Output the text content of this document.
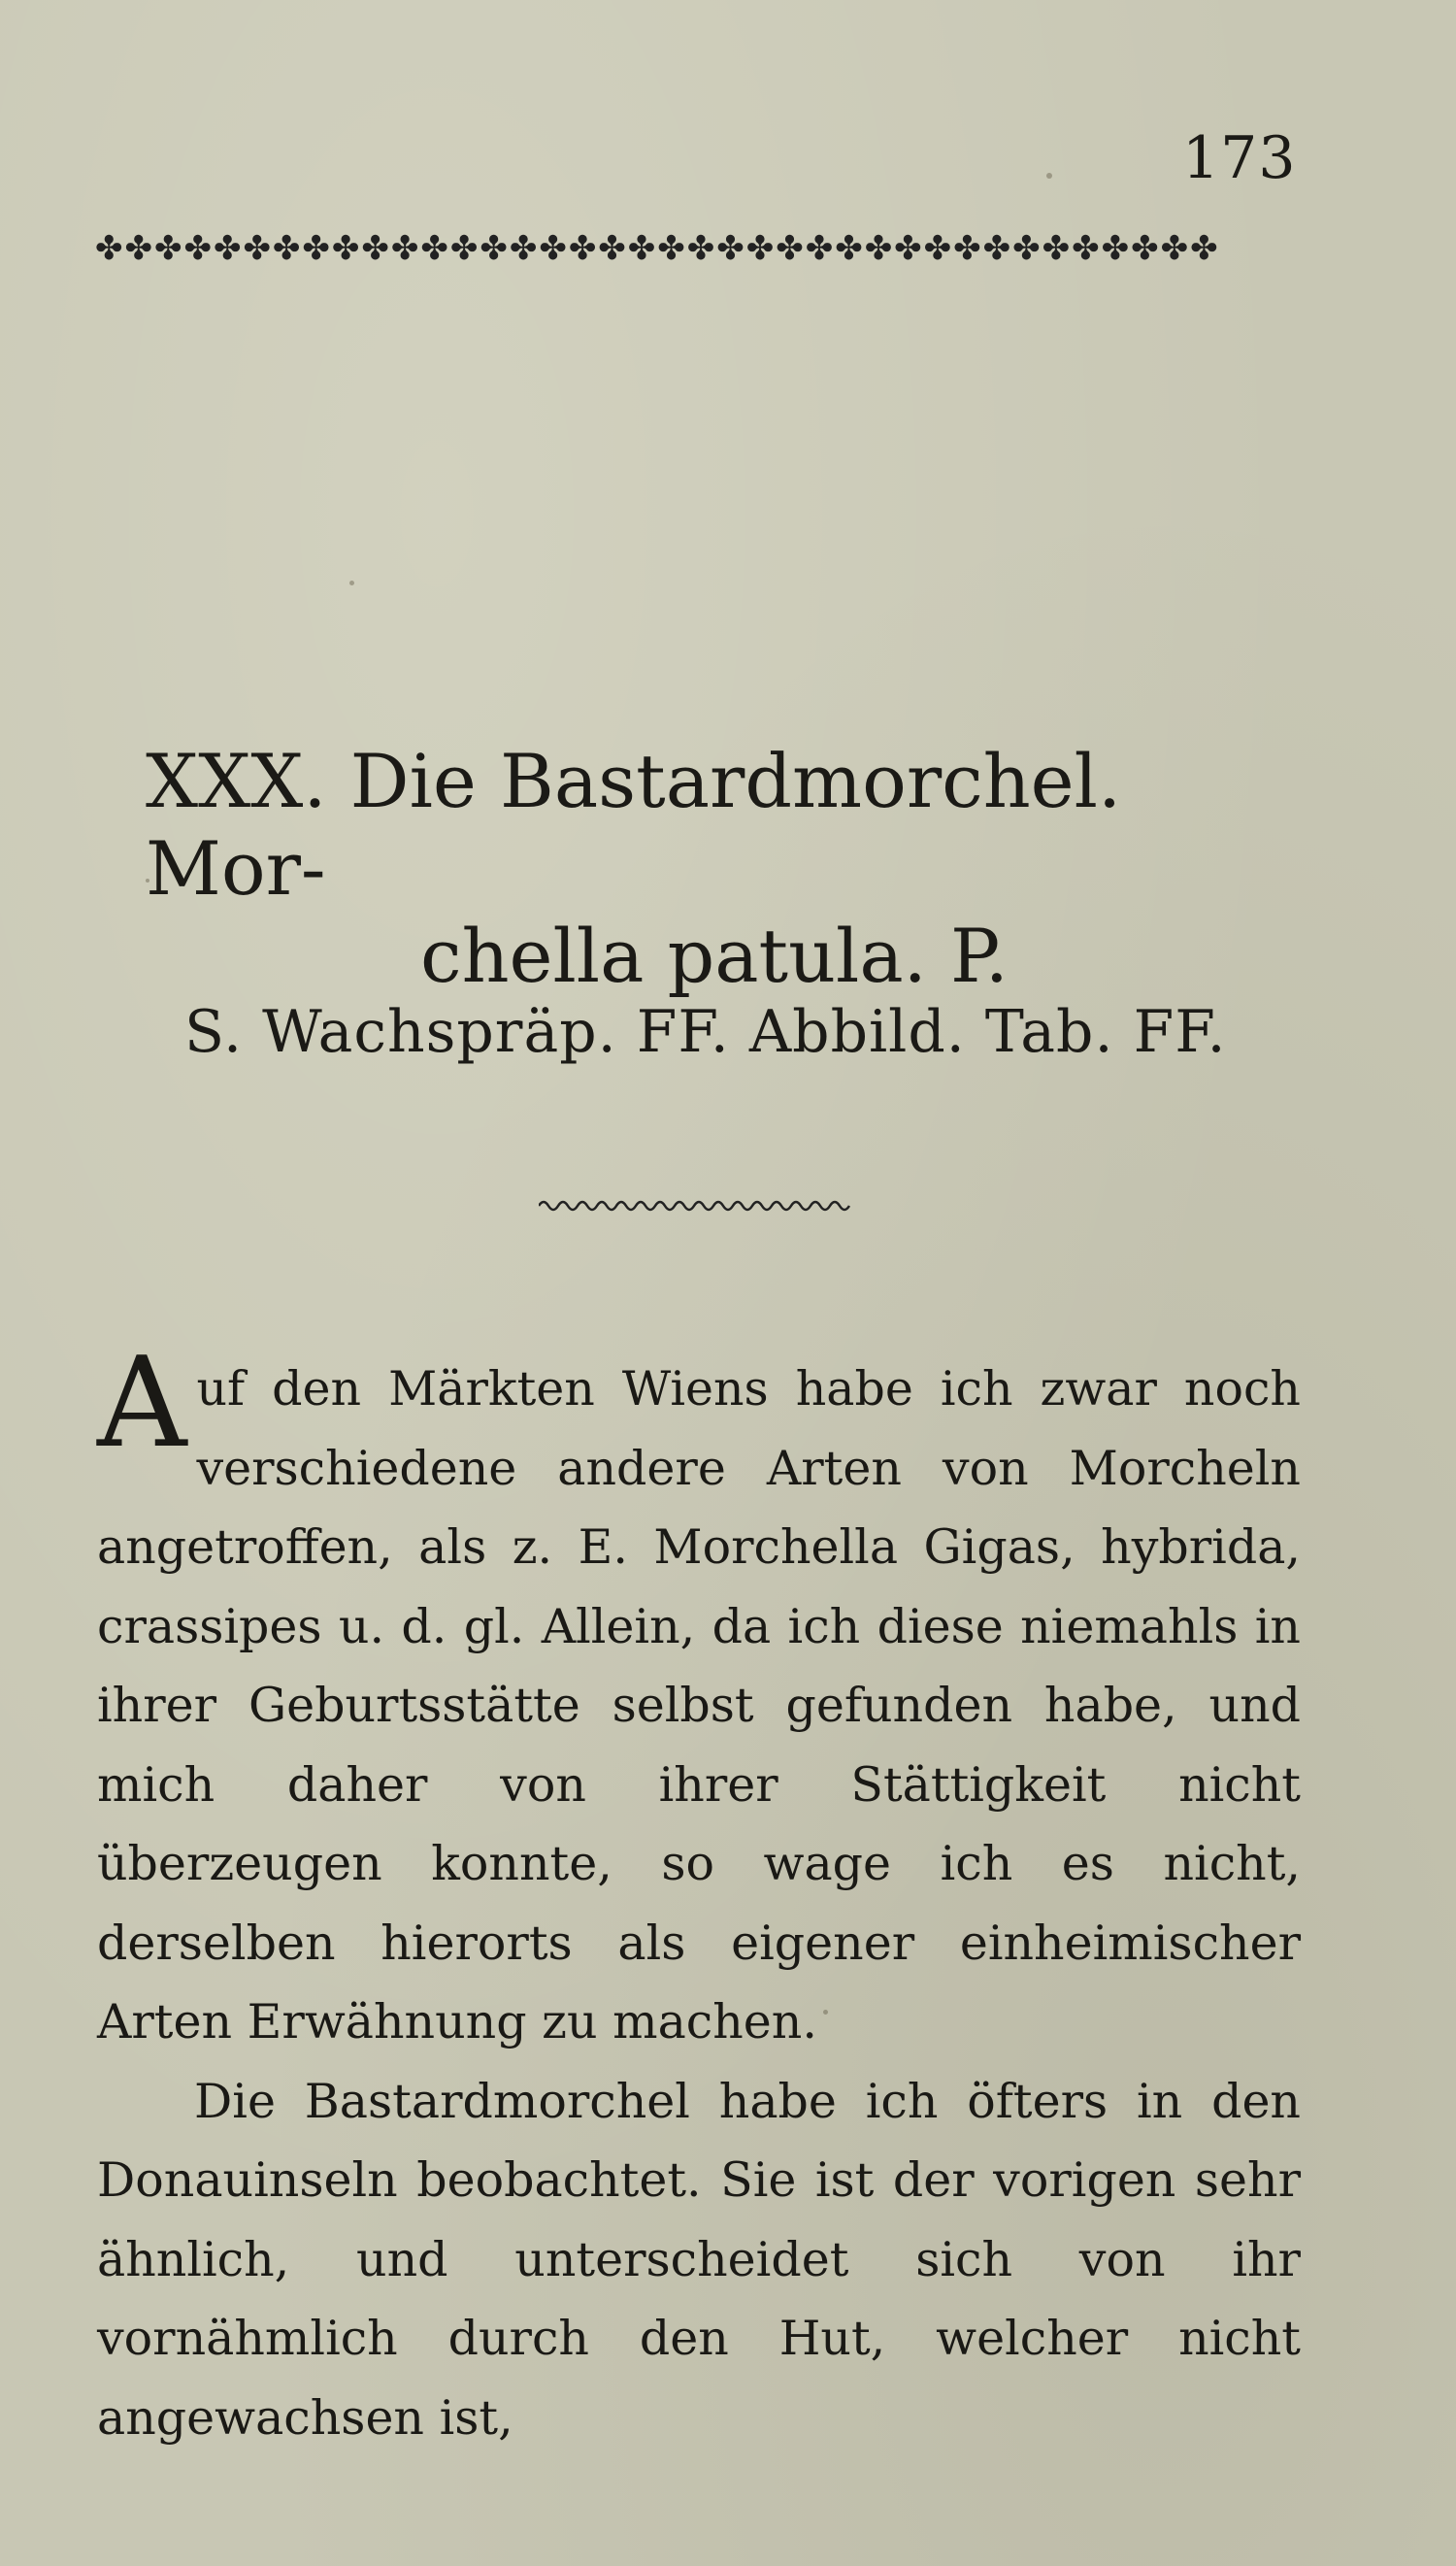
173
✤✤✤✤✤✤✤✤✤✤✤✤✤✤✤✤✤✤✤✤✤✤✤✤✤✤✤✤✤✤✤✤✤✤✤✤✤✤
XXX. Die Bastardmorchel. Mor-
chella patula. P.
S. Wachspräp. FF. Abbild. Tab. FF.

Auf den Märkten Wiens habe ich zwar noch verschiedene andere Arten von Morcheln angetroffen, als z. E. Morchella Gigas, hybrida, crassipes u. d. gl. Allein, da ich diese niemahls in ihrer Geburtsstätte selbst gefunden habe, und mich daher von ihrer Stättigkeit nicht überzeugen konnte, so wage ich es nicht, derselben hierorts als eigener einheimischer Arten Erwähnung zu machen.

Die Bastardmorchel habe ich öfters in den Donauinseln beobachtet. Sie ist der vorigen sehr ähnlich, und unterscheidet sich von ihr vornähmlich durch den Hut, welcher nicht angewachsen ist,
